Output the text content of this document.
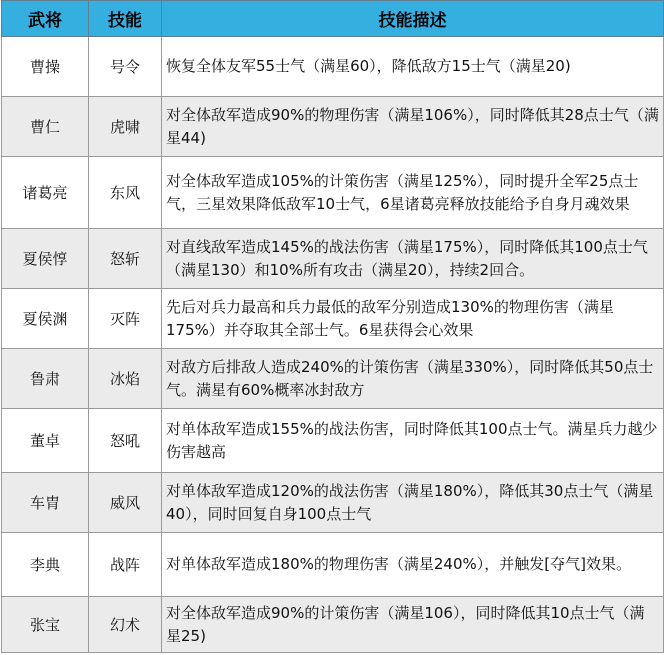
武将	技能	技能描述
曹操	号令	恢复全体友军55士气（满星60），降低敌方15士气（满星20)
曹仁	虎啸	对全体敌军造成90%的物理伤害（满星106%），同时降低其28点士气（满星44)
诸葛亮	东风	对全体敌军造成105%的计策伤害（满星125%），同时提升全军25点士气，三星效果降低敌军10士气，6星诸葛亮释放技能给予自身月魂效果
夏侯惇	怒斩	对直线敌军造成145%的战法伤害（满星175%），同时降低其100点士气（满星130）和10%所有攻击（满星20），持续2回合。
夏侯渊	灭阵	先后对兵力最高和兵力最低的敌军分别造成130%的物理伤害（满星175%）并夺取其全部士气。6星获得会心效果
鲁肃	冰焰	对敌方后排敌人造成240%的计策伤害（满星330%），同时降低其50点士气。满星有60%概率冰封敌方
董卓	怒吼	对单体敌军造成155%的战法伤害，同时降低其100点士气。满星兵力越少伤害越高
车胄	威风	对单体敌军造成120%的战法伤害（满星180%），降低其30点士气（满星40），同时回复自身100点士气
李典	战阵	对单体敌军造成180%的物理伤害（满星240%），并触发[夺气]效果。
张宝	幻术	对全体敌军造成90%的计策伤害（满星106），同时降低其10点士气（满星25)
